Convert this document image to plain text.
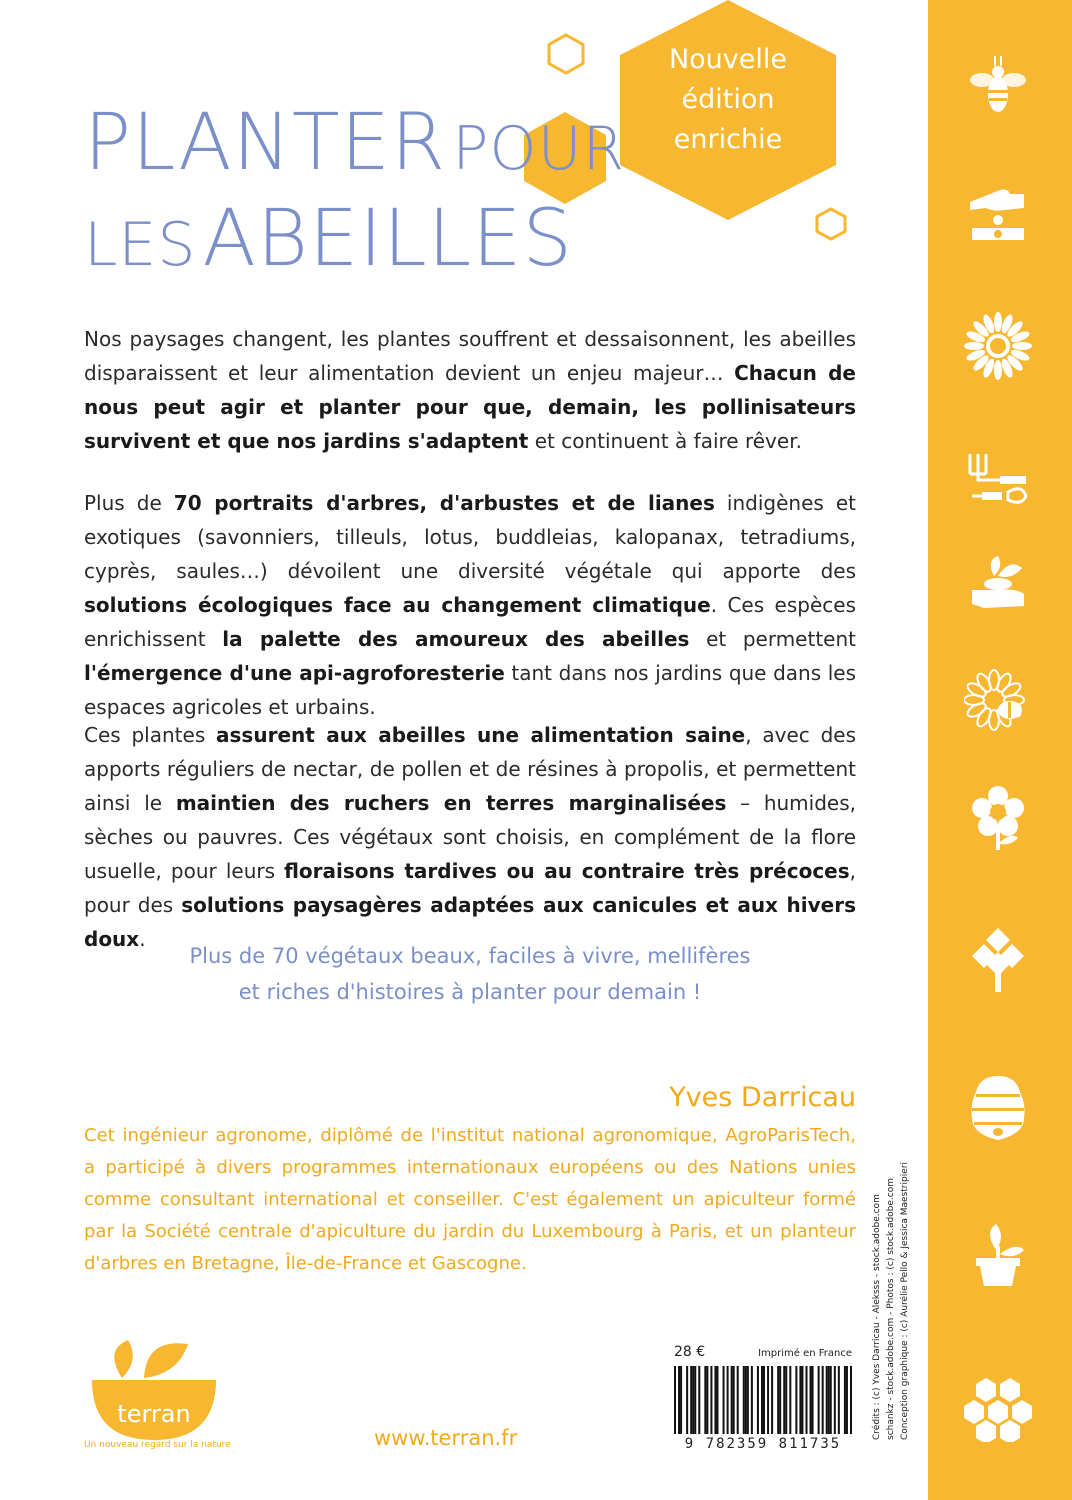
Nouvelle
édition
enrichie
PLANTER POUR
LES ABEILLES
Nos paysages changent, les plantes souffrent et dessaisonnent, les abeilles disparaissent et leur alimentation devient un enjeu majeur… Chacun de nous peut agir et planter pour que, demain, les pollinisateurs survivent et que nos jardins s'adaptent et continuent à faire rêver.
Plus de 70 portraits d'arbres, d'arbustes et de lianes indigènes et exotiques (savonniers, tilleuls, lotus, buddleias, kalopanax, tetradiums, cyprès, saules…) dévoilent une diversité végétale qui apporte des solutions écologiques face au changement climatique. Ces espèces enrichissent la palette des amoureux des abeilles et permettent l'émergence d'une api-agroforesterie tant dans nos jardins que dans les espaces agricoles et urbains.
Ces plantes assurent aux abeilles une alimentation saine, avec des apports réguliers de nectar, de pollen et de résines à propolis, et permettent ainsi le maintien des ruchers en terres marginalisées – humides, sèches ou pauvres. Ces végétaux sont choisis, en complément de la flore usuelle, pour leurs floraisons tardives ou au contraire très précoces, pour des solutions paysagères adaptées aux canicules et aux hivers doux.
Plus de 70 végétaux beaux, faciles à vivre, mellifères
et riches d'histoires à planter pour demain !
Yves Darricau
Cet ingénieur agronome, diplômé de l'institut national agronomique, AgroParisTech, a participé à divers programmes internationaux européens ou des Nations unies comme consultant international et conseiller. C'est également un apiculteur formé par la Société centrale d'apiculture du jardin du Luxembourg à Paris, et un planteur d'arbres en Bretagne, Île-de-France et Gascogne.
terran
Un nouveau regard sur la nature	www.terran.fr
28 €	Imprimé en France
9 782359 811735
Crédits : (c) Yves Darricau - Aleksss - stock.adobe.com schankz - stock.adobe.com - Photos : (c) stock.adobe.com Conception graphique : (c) Aurélie Pello & Jessica Maestripieri
